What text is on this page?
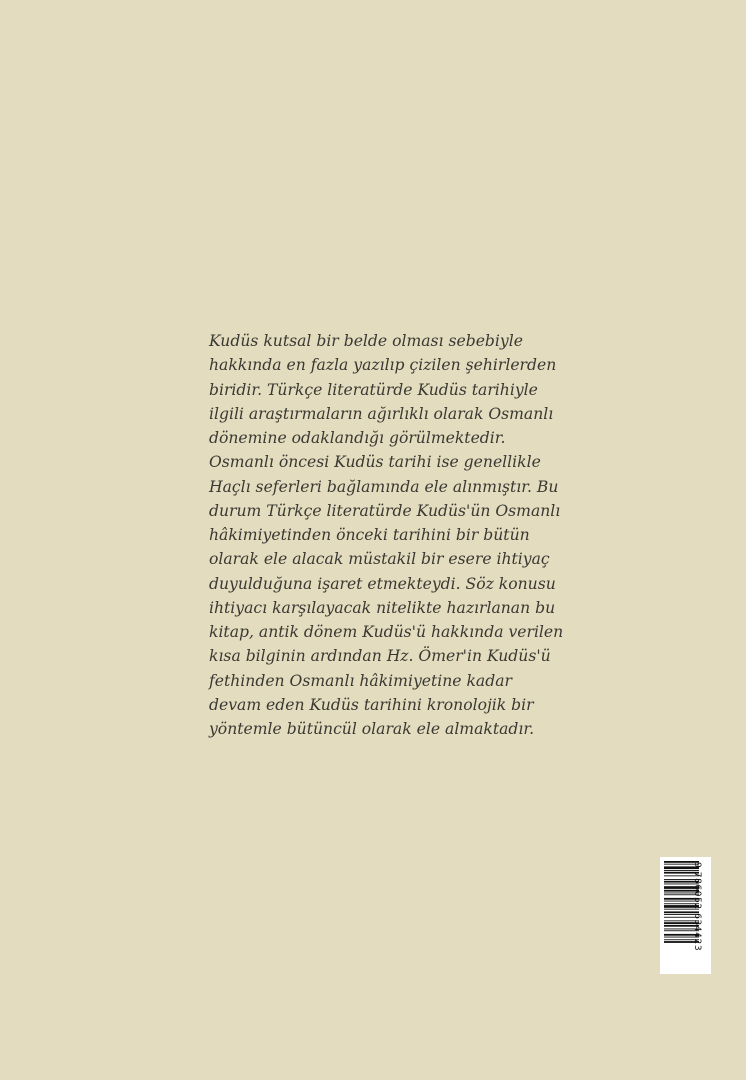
Kudüs kutsal bir belde olması sebebiyle
hakkında en fazla yazılıp çizilen şehirlerden
biridir. Türkçe literatürde Kudüs tarihiyle
ilgili araştırmaların ağırlıklı olarak Osmanlı
dönemine odaklandığı görülmektedir.
Osmanlı öncesi Kudüs tarihi ise genellikle
Haçlı seferleri bağlamında ele alınmıştır. Bu
durum Türkçe literatürde Kudüs'ün Osmanlı
hâkimiyetinden önceki tarihini bir bütün
olarak ele alacak müstakil bir esere ihtiyaç
duyulduğuna işaret etmekteydi. Söz konusu
ihtiyacı karşılayacak nitelikte hazırlanan bu
kitap, antik dönem Kudüs'ü hakkında verilen
kısa bilginin ardından Hz. Ömer'in Kudüs'ü
fethinden Osmanlı hâkimiyetine kadar
devam eden Kudüs tarihini kronolojik bir
yöntemle bütüncül olarak ele almaktadır.

9 786052 634423
